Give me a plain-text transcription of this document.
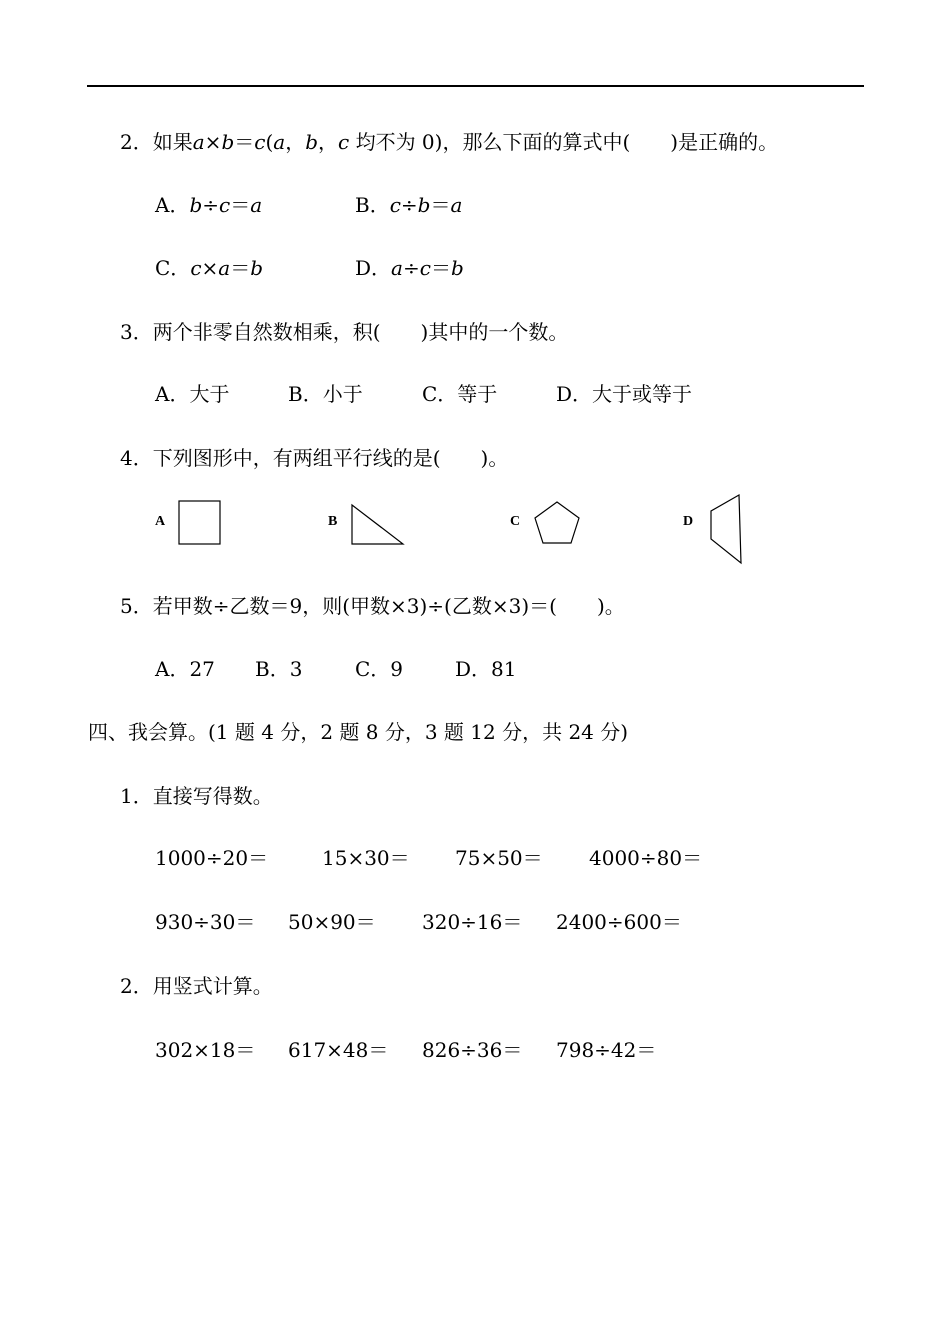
2．如果a×b＝c(a，b，c 均不为 0)，那么下面的算式中(　　)是正确的。
A．b÷c＝a	B．c÷b＝a
C．c×a＝b	D．a÷c＝b
3．两个非零自然数相乘，积(　　)其中的一个数。
A．大于	B．小于	C．等于	D．大于或等于
4．下列图形中，有两组平行线的是(　　)。
A	B	C	D
5．若甲数÷乙数＝9，则(甲数×3)÷(乙数×3)＝(　　)。
A．27 B．3	C．9	D．81
四、我会算。(1 题 4 分，2 题 8 分，3 题 12 分，共 24 分)
1．直接写得数。
1000÷20＝	15×30＝ 75×50＝ 4000÷80＝
930÷30＝ 50×90＝ 320÷16＝ 2400÷600＝
2．用竖式计算。
302×18＝ 617×48＝ 826÷36＝ 798÷42＝
